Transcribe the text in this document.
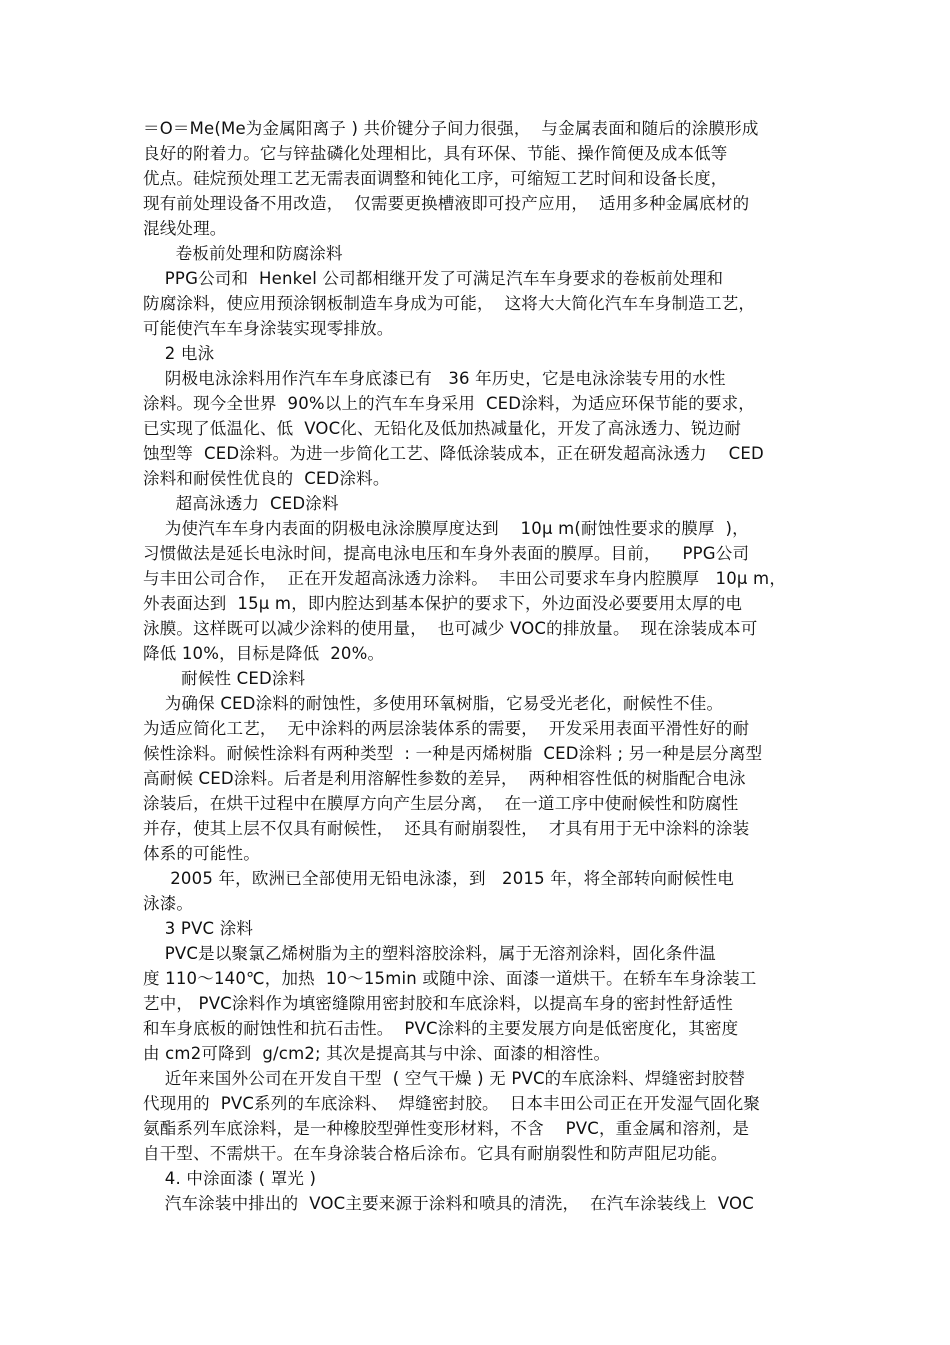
＝O＝Me(Me为金属阳离子 ) 共价键分子间力很强，  与金属表面和随后的涂膜形成
良好的附着力。它与锌盐磷化处理相比，具有环保、节能、操作简便及成本低等
优点。硅烷预处理工艺无需表面调整和钝化工序，可缩短工艺时间和设备长度，
现有前处理设备不用改造，  仅需要更换槽液即可投产应用，  适用多种金属底材的
混线处理。
卷板前处理和防腐涂料
PPG公司和  Henkel 公司都相继开发了可满足汽车车身要求的卷板前处理和
防腐涂料，使应用预涂钢板制造车身成为可能，  这将大大简化汽车车身制造工艺，
可能使汽车车身涂装实现零排放。
2 电泳
阴极电泳涂料用作汽车车身底漆已有   36 年历史，它是电泳涂装专用的水性
涂料。现今全世界  90%以上的汽车车身采用  CED涂料，为适应环保节能的要求，
已实现了低温化、低  VOC化、无铅化及低加热减量化，开发了高泳透力、锐边耐
蚀型等  CED涂料。为进一步简化工艺、降低涂装成本，正在研发超高泳透力    CED
涂料和耐侯性优良的  CED涂料。
超高泳透力  CED涂料
为使汽车车身内表面的阴极电泳涂膜厚度达到    10μ m(耐蚀性要求的膜厚  )，
习惯做法是延长电泳时间，提高电泳电压和车身外表面的膜厚。目前，    PPG公司
与丰田公司合作，  正在开发超高泳透力涂料。  丰田公司要求车身内腔膜厚   10μ m，
外表面达到  15μ m，即内腔达到基本保护的要求下，外边面没必要要用太厚的电
泳膜。这样既可以减少涂料的使用量，  也可减少 VOC的排放量。  现在涂装成本可
降低 10%，目标是降低  20%。
耐候性 CED涂料
为确保 CED涂料的耐蚀性，多使用环氧树脂，它易受光老化，耐候性不佳。
为适应简化工艺，  无中涂料的两层涂装体系的需要，  开发采用表面平滑性好的耐
候性涂料。耐候性涂料有两种类型  : 一种是丙烯树脂  CED涂料 ; 另一种是层分离型
高耐候 CED涂料。后者是利用溶解性参数的差异，  两种相容性低的树脂配合电泳
涂装后，在烘干过程中在膜厚方向产生层分离，  在一道工序中使耐候性和防腐性
并存，使其上层不仅具有耐候性，  还具有耐崩裂性，  才具有用于无中涂料的涂装
体系的可能性。
2005 年，欧洲已全部使用无铅电泳漆，到   2015 年，将全部转向耐候性电
泳漆。
3 PVC 涂料
PVC是以聚氯乙烯树脂为主的塑料溶胶涂料，属于无溶剂涂料，固化条件温
度 110～140℃，加热  10～15min 或随中涂、面漆一道烘干。在轿车车身涂装工
艺中， PVC涂料作为填密缝隙用密封胶和车底涂料，以提高车身的密封性舒适性
和车身底板的耐蚀性和抗石击性。  PVC涂料的主要发展方向是低密度化，其密度
由 cm2可降到  g/cm2; 其次是提高其与中涂、面漆的相溶性。
近年来国外公司在开发自干型  ( 空气干燥 ) 无 PVC的车底涂料、焊缝密封胶替
代现用的  PVC系列的车底涂料、  焊缝密封胶。  日本丰田公司正在开发湿气固化聚
氨酯系列车底涂料，是一种橡胶型弹性变形材料，不含    PVC，重金属和溶剂，是
自干型、不需烘干。在车身涂装合格后涂布。它具有耐崩裂性和防声阻尼功能。
4. 中涂面漆 ( 罩光 )
汽车涂装中排出的  VOC主要来源于涂料和喷具的清洗，  在汽车涂装线上  VOC
